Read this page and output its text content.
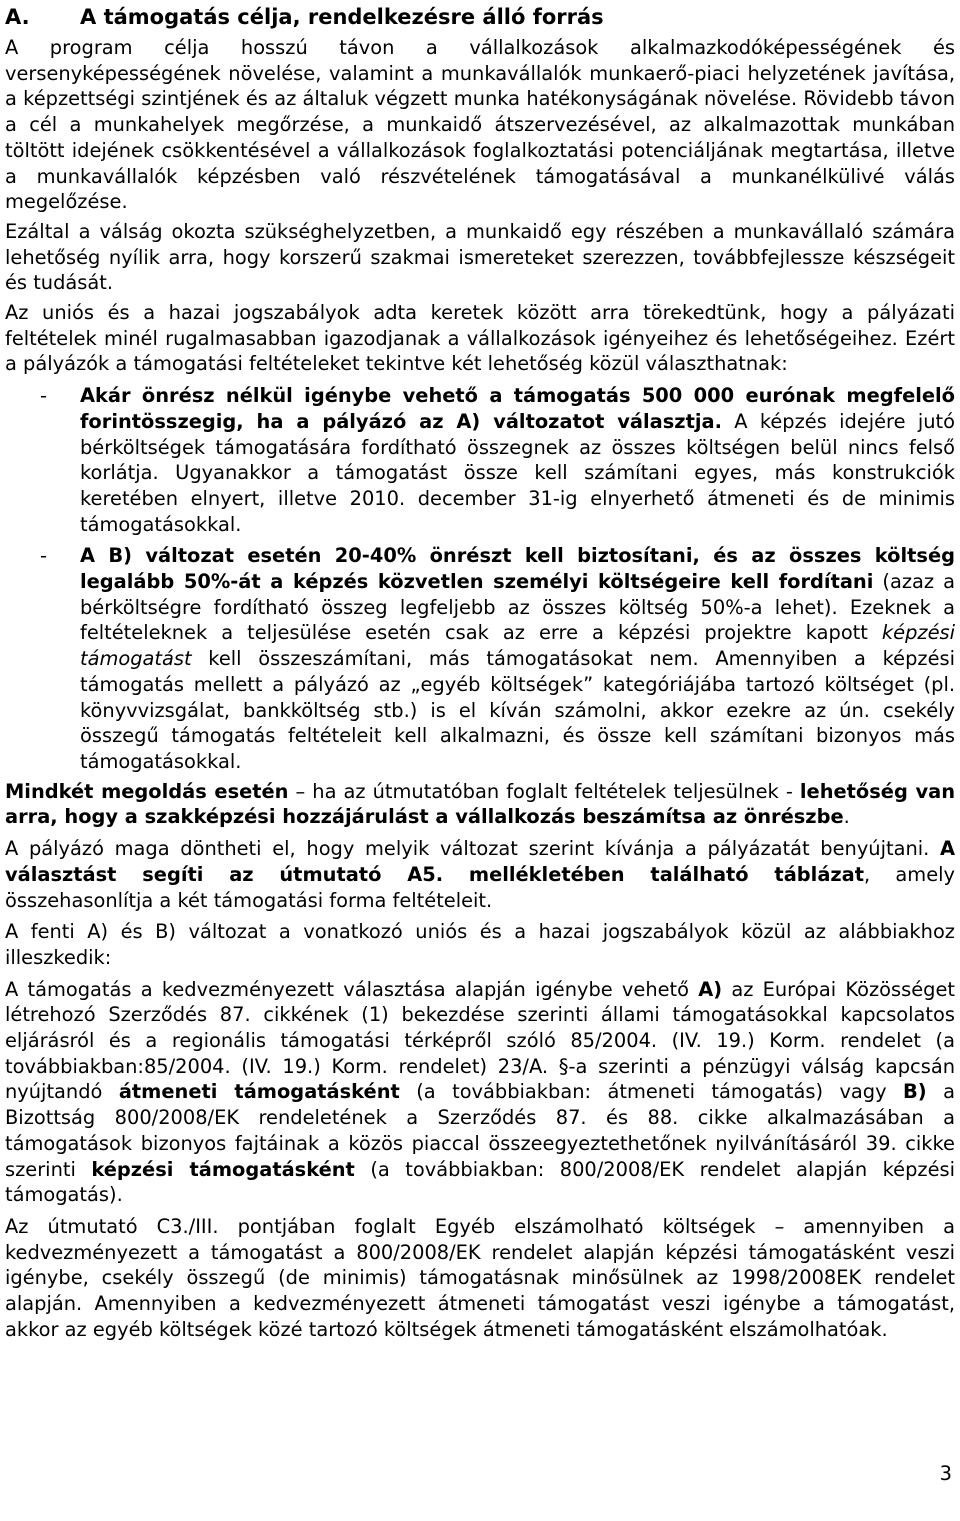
A.	A támogatás célja, rendelkezésre álló forrás

A program célja hosszú távon a vállalkozások alkalmazkodóképességének és versenyképességének növelése, valamint a munkavállalók munkaerő-piaci helyzetének javítása, a képzettségi szintjének és az általuk végzett munka hatékonyságának növelése. Rövidebb távon a cél a munkahelyek megőrzése, a munkaidő átszervezésével, az alkalmazottak munkában töltött idejének csökkentésével a vállalkozások foglalkoztatási potenciáljának megtartása, illetve a munkavállalók képzésben való részvételének támogatásával a munkanélkülivé válás megelőzése.

Ezáltal a válság okozta szükséghelyzetben, a munkaidő egy részében a munkavállaló számára lehetőség nyílik arra, hogy korszerű szakmai ismereteket szerezzen, továbbfejlessze készségeit és tudását.

Az uniós és a hazai jogszabályok adta keretek között arra törekedtünk, hogy a pályázati feltételek minél rugalmasabban igazodjanak a vállalkozások igényeihez és lehetőségeihez. Ezért a pályázók a támogatási feltételeket tekintve két lehetőség közül választhatnak:

- Akár önrész nélkül igénybe vehető a támogatás 500 000 eurónak megfelelő forintösszegig, ha a pályázó az A) változatot választja. A képzés idejére jutó bérköltségek támogatására fordítható összegnek az összes költségen belül nincs felső korlátja. Ugyanakkor a támogatást össze kell számítani egyes, más konstrukciók keretében elnyert, illetve 2010. december 31-ig elnyerhető átmeneti és de minimis támogatásokkal.
- A B) változat esetén 20-40% önrészt kell biztosítani, és az összes költség legalább 50%-át a képzés közvetlen személyi költségeire kell fordítani (azaz a bérköltségre fordítható összeg legfeljebb az összes költség 50%-a lehet). Ezeknek a feltételeknek a teljesülése esetén csak az erre a képzési projektre kapott képzési támogatást kell összeszámítani, más támogatásokat nem. Amennyiben a képzési támogatás mellett a pályázó az „egyéb költségek” kategóriájába tartozó költséget (pl. könyvvizsgálat, bankköltség stb.) is el kíván számolni, akkor ezekre az ún. csekély összegű támogatás feltételeit kell alkalmazni, és össze kell számítani bizonyos más támogatásokkal.

Mindkét megoldás esetén – ha az útmutatóban foglalt feltételek teljesülnek - lehetőség van arra, hogy a szakképzési hozzájárulást a vállalkozás beszámítsa az önrészbe.

A pályázó maga döntheti el, hogy melyik változat szerint kívánja a pályázatát benyújtani. A választást segíti az útmutató A5. mellékletében található táblázat, amely összehasonlítja a két támogatási forma feltételeit.

A fenti A) és B) változat a vonatkozó uniós és a hazai jogszabályok közül az alábbiakhoz illeszkedik:

A támogatás a kedvezményezett választása alapján igénybe vehető A) az Európai Közösséget létrehozó Szerződés 87. cikkének (1) bekezdése szerinti állami támogatásokkal kapcsolatos eljárásról és a regionális támogatási térképről szóló 85/2004. (IV. 19.) Korm. rendelet (a továbbiakban:85/2004. (IV. 19.) Korm. rendelet) 23/A. §-a szerinti a pénzügyi válság kapcsán nyújtandó átmeneti támogatásként (a továbbiakban: átmeneti támogatás) vagy B) a Bizottság 800/2008/EK rendeletének a Szerződés 87. és 88. cikke alkalmazásában a támogatások bizonyos fajtáinak a közös piaccal összeegyeztethetőnek nyilvánításáról 39. cikke szerinti képzési támogatásként (a továbbiakban: 800/2008/EK rendelet alapján képzési támogatás).

Az útmutató C3./III. pontjában foglalt Egyéb elszámolható költségek – amennyiben a kedvezményezett a támogatást a 800/2008/EK rendelet alapján képzési támogatásként veszi igénybe, csekély összegű (de minimis) támogatásnak minősülnek az 1998/2008EK rendelet alapján. Amennyiben a kedvezményezett átmeneti támogatást veszi igénybe a támogatást, akkor az egyéb költségek közé tartozó költségek átmeneti támogatásként elszámolhatóak.

3
